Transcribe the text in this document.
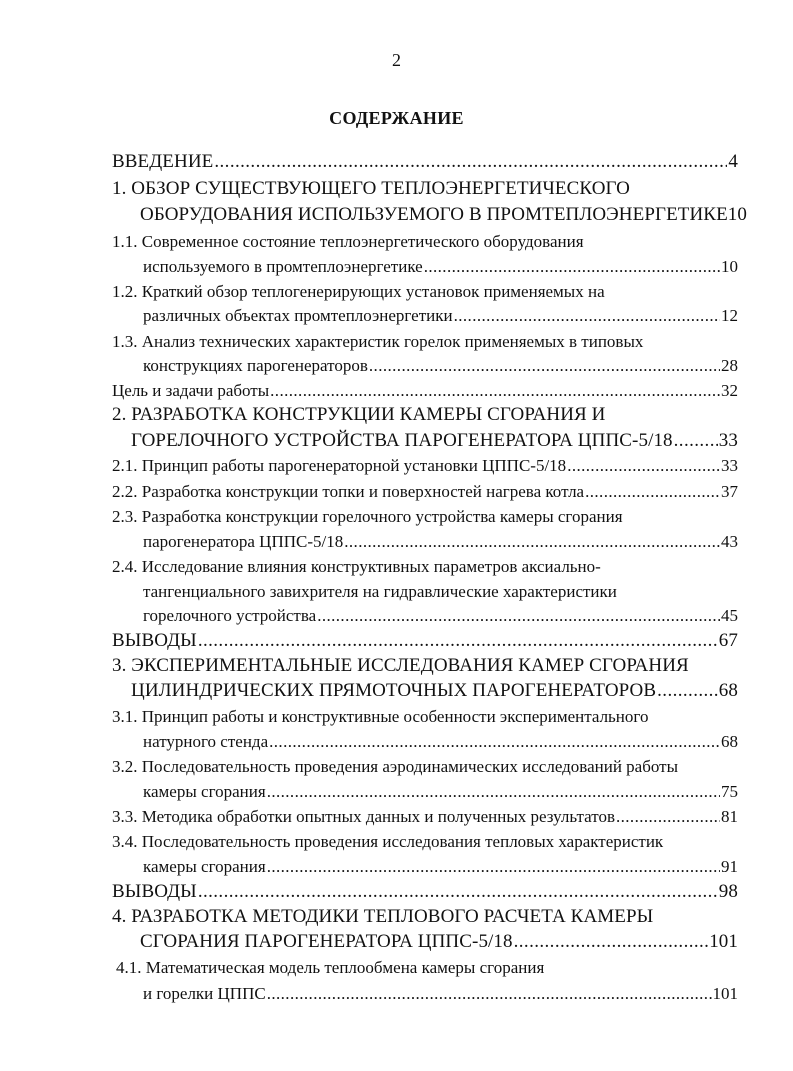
2
СОДЕРЖАНИЕ
ВВЕДЕНИЕ .....	4
1. ОБЗОР СУЩЕСТВУЮЩЕГО ТЕПЛОЭНЕРГЕТИЧЕСКОГО
ОБОРУДОВАНИЯ ИСПОЛЬЗУЕМОГО В ПРОМТЕПЛОЭНЕРГЕТИКЕ 10
1.1. Современное состояние теплоэнергетического оборудования
используемого в промтеплоэнергетике .....	10
1.2. Краткий обзор теплогенерирующих установок применяемых на
различных объектах промтеплоэнергетики .....	12
1.3. Анализ технических характеристик горелок применяемых в типовых
конструкциях парогенераторов .....	28
Цель и задачи работы .....	32
2. РАЗРАБОТКА КОНСТРУКЦИИ КАМЕРЫ СГОРАНИЯ И
ГОРЕЛОЧНОГО УСТРОЙСТВА ПАРОГЕНЕРАТОРА ЦППС-5/18 ..... 33
2.1. Принцип работы парогенераторной установки ЦППС-5/18 .....	33
2.2. Разработка конструкции топки и поверхностей нагрева котла .....	37
2.3. Разработка конструкции горелочного устройства камеры сгорания
парогенератора ЦППС-5/18 .....	43
2.4. Исследование влияния конструктивных параметров аксиально-
тангенциального завихрителя на гидравлические характеристики
горелочного устройства .....	45
ВЫВОДЫ .....	67
3. ЭКСПЕРИМЕНТАЛЬНЫЕ ИССЛЕДОВАНИЯ КАМЕР СГОРАНИЯ
ЦИЛИНДРИЧЕСКИХ ПРЯМОТОЧНЫХ ПАРОГЕНЕРАТОРОВ .....	68
3.1. Принцип работы и конструктивные особенности экспериментального
натурного стенда .....	68
3.2. Последовательность проведения аэродинамических исследований работы
камеры сгорания .....	75
3.3. Методика обработки опытных данных и полученных результатов .....	81
3.4. Последовательность проведения исследования тепловых характеристик
камеры сгорания .....	91
ВЫВОДЫ .....	98
4. РАЗРАБОТКА МЕТОДИКИ ТЕПЛОВОГО РАСЧЕТА КАМЕРЫ
СГОРАНИЯ ПАРОГЕНЕРАТОРА ЦППС-5/18 .....	101
4.1. Математическая модель теплообмена камеры сгорания
и горелки ЦППС .....	101
